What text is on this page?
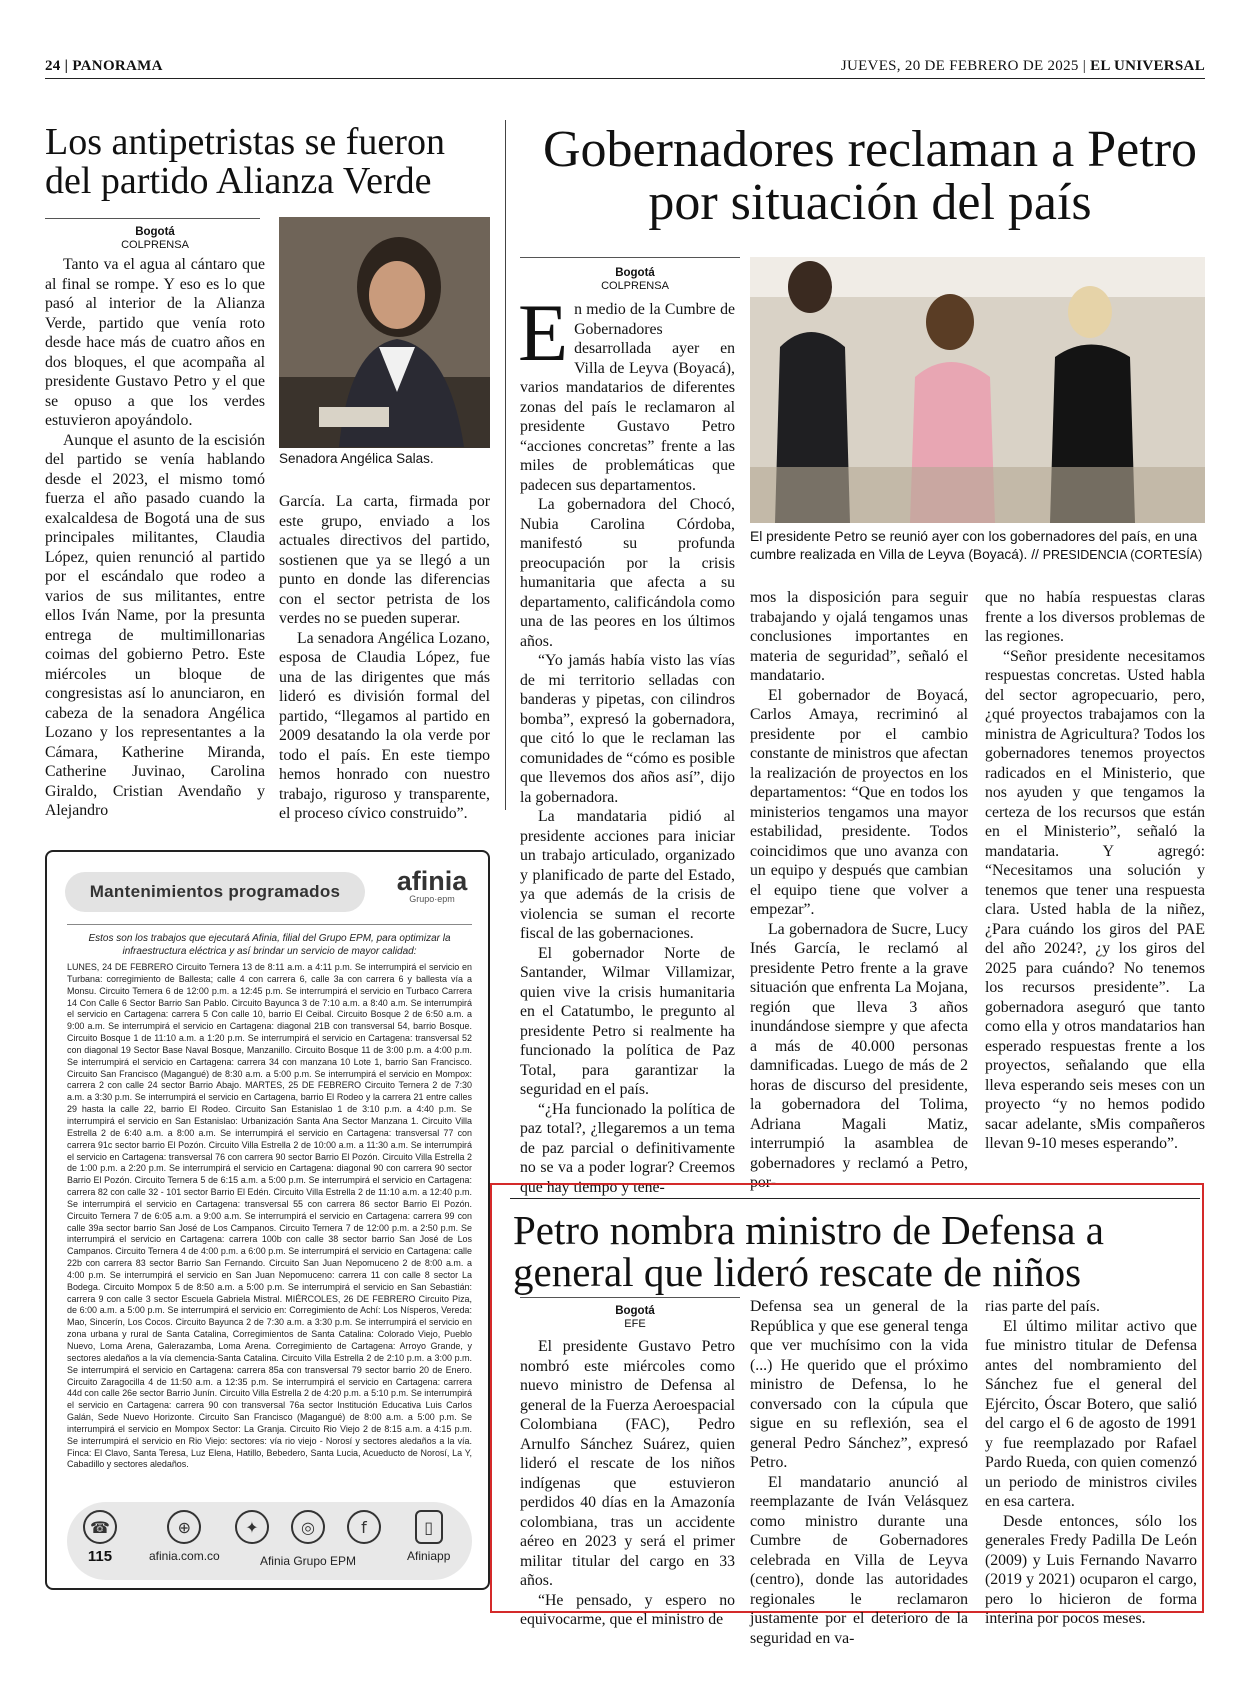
24 | PANORAMA	JUEVES, 20 DE FEBRERO DE 2025 | EL UNIVERSAL
Los antipetristas se fueron del partido Alianza Verde
Bogotá
COLPRENSA
Senadora Angélica Salas.

Tanto va el agua al cántaro que al final se rompe. Y eso es lo que pasó al interior de la Alianza Verde, partido que venía roto desde hace más de cuatro años en dos bloques, el que acompaña al presidente Gustavo Petro y el que se opuso a que los verdes estuvieron apoyándolo.

Aunque el asunto de la escisión del partido se venía hablando desde el 2023, el mismo tomó fuerza el año pasado cuando la exalcaldesa de Bogotá una de sus principales militantes, Claudia López, quien renunció al partido por el escándalo que rodeo a varios de sus militantes, entre ellos Iván Name, por la presunta entrega de multimillonarias coimas del gobierno Petro. Este miércoles un bloque de congresistas así lo anunciaron, en cabeza de la senadora Angélica Lozano y los representantes a la Cámara, Katherine Miranda, Catherine Juvinao, Carolina Giraldo, Cristian Avendaño y Alejandro

García. La carta, firmada por este grupo, enviado a los actuales directivos del partido, sostienen que ya se llegó a un punto en donde las diferencias con el sector petrista de los verdes no se pueden superar.

La senadora Angélica Lozano, esposa de Claudia López, fue una de las dirigentes que más lideró es división formal del partido, “llegamos al partido en 2009 desatando la ola verde por todo el país. En este tiempo hemos honrado con nuestro trabajo, riguroso y transparente, el proceso cívico construido”.

Gobernadores reclaman a Petro por situación del país
Bogotá
COLPRENSA
El presidente Petro se reunió ayer con los gobernadores del país, en una cumbre realizada en Villa de Leyva (Boyacá). // PRESIDENCIA (CORTESÍA)

En medio de la Cumbre de Gobernadores desarrollada ayer en Villa de Leyva (Boyacá), varios mandatarios de diferentes zonas del país le reclamaron al presidente Gustavo Petro “acciones concretas” frente a las miles de problemáticas que padecen sus departamentos.

La gobernadora del Chocó, Nubia Carolina Córdoba, manifestó su profunda preocupación por la crisis humanitaria que afecta a su departamento, calificándola como una de las peores en los últimos años.

“Yo jamás había visto las vías de mi territorio selladas con banderas y pipetas, con cilindros bomba”, expresó la gobernadora, que citó lo que le reclaman las comunidades de “cómo es posible que llevemos dos años así”, dijo la gobernadora.

La mandataria pidió al presidente acciones para iniciar un trabajo articulado, organizado y planificado de parte del Estado, ya que además de la crisis de violencia se suman el recorte fiscal de las gobernaciones.

El gobernador Norte de Santander, Wilmar Villamizar, quien vive la crisis humanitaria en el Catatumbo, le pregunto al presidente Petro si realmente ha funcionado la política de Paz Total, para garantizar la seguridad en el país.

“¿Ha funcionado la política de paz total?, ¿llegaremos a un tema de paz parcial o definitivamente no se va a poder lograr? Creemos que hay tiempo y tene-

mos la disposición para seguir trabajando y ojalá tengamos unas conclusiones importantes en materia de seguridad”, señaló el mandatario.

El gobernador de Boyacá, Carlos Amaya, recriminó al presidente por el cambio constante de ministros que afectan la realización de proyectos en los departamentos: “Que en todos los ministerios tengamos una mayor estabilidad, presidente. Todos coincidimos que uno avanza con un equipo y después que cambian el equipo tiene que volver a empezar”.

La gobernadora de Sucre, Lucy Inés García, le reclamó al presidente Petro frente a la grave situación que enfrenta La Mojana, región que lleva 3 años inundándose siempre y que afecta a más de 40.000 personas damnificadas. Luego de más de 2 horas de discurso del presidente, la gobernadora del Tolima, Adriana Magali Matiz, interrumpió la asamblea de gobernadores y reclamó a Petro, por-

que no había respuestas claras frente a los diversos problemas de las regiones.

“Señor presidente necesitamos respuestas concretas. Usted habla del sector agropecuario, pero, ¿qué proyectos trabajamos con la ministra de Agricultura? Todos los gobernadores tenemos proyectos radicados en el Ministerio, que nos ayuden y que tengamos la certeza de los recursos que están en el Ministerio”, señaló la mandataria. Y agregó: “Necesitamos una solución y tenemos que tener una respuesta clara. Usted habla de la niñez, ¿Para cuándo los giros del PAE del año 2024?, ¿y los giros del 2025 para cuándo? No tenemos los recursos presidente”. La gobernadora aseguró que tanto como ella y otros mandatarios han esperado respuestas frente a los proyectos, señalando que ella lleva esperando seis meses con un proyecto “y no hemos podido sacar adelante, sMis compañeros llevan 9-10 meses esperando”.

Mantenimientos programados	afinia
Grupo·epm
Estos son los trabajos que ejecutará Afinia, filial del Grupo EPM, para optimizar la infraestructura eléctrica y así brindar un servicio de mayor calidad:
LUNES, 24 DE FEBRERO Circuito Ternera 13 de 8:11 a.m. a 4:11 p.m. Se interrumpirá el servicio en Turbana: corregimiento de Ballesta; calle 4 con carrera 6, calle 3a con carrera 6 y ballesta vía a Monsu. Circuito Ternera 6 de 12:00 p.m. a 12:45 p.m. Se interrumpirá el servicio en Turbaco Carrera 14 Con Calle 6 Sector Barrio San Pablo. Circuito Bayunca 3 de 7:10 a.m. a 8:40 a.m. Se interrumpirá el servicio en Cartagena: carrera 5 Con calle 10, barrio El Ceibal. Circuito Bosque 2 de 6:50 a.m. a 9:00 a.m. Se interrumpirá el servicio en Cartagena: diagonal 21B con transversal 54, barrio Bosque. Circuito Bosque 1 de 11:10 a.m. a 1:20 p.m. Se interrumpirá el servicio en Cartagena: transversal 52 con diagonal 19 Sector Base Naval Bosque, Manzanillo. Circuito Bosque 11 de 3:00 p.m. a 4:00 p.m. Se interrumpirá el servicio en Cartagena: carrera 34 con manzana 10 Lote 1, barrio San Francisco. Circuito San Francisco (Magangué) de 8:30 a.m. a 5:00 p.m. Se interrumpirá el servicio en Mompox: carrera 2 con calle 24 sector Barrio Abajo. MARTES, 25 DE FEBRERO Circuito Ternera 2 de 7:30 a.m. a 3:30 p.m. Se interrumpirá el servicio en Cartagena, barrio El Rodeo y la carrera 21 entre calles 29 hasta la calle 22, barrio El Rodeo. Circuito San Estanislao 1 de 3:10 p.m. a 4:40 p.m. Se interrumpirá el servicio en San Estanislao: Urbanización Santa Ana Sector Manzana 1. Circuito Villa Estrella 2 de 6:40 a.m. a 8:00 a.m. Se interrumpirá el servicio en Cartagena: transversal 77 con carrera 91c sector barrio El Pozón. Circuito Villa Estrella 2 de 10:00 a.m. a 11:30 a.m. Se interrumpirá el servicio en Cartagena: transversal 76 con carrera 90 sector Barrio El Pozón. Circuito Villa Estrella 2 de 1:00 p.m. a 2:20 p.m. Se interrumpirá el servicio en Cartagena: diagonal 90 con carrera 90 sector Barrio El Pozón. Circuito Ternera 5 de 6:15 a.m. a 5:00 p.m. Se interrumpirá el servicio en Cartagena: carrera 82 con calle 32 - 101 sector Barrio El Edén. Circuito Villa Estrella 2 de 11:10 a.m. a 12:40 p.m. Se interrumpirá el servicio en Cartagena: transversal 55 con carrera 86 sector Barrio El Pozón. Circuito Ternera 7 de 6:05 a.m. a 9:00 a.m. Se interrumpirá el servicio en Cartagena: carrera 99 con calle 39a sector barrio San José de Los Campanos. Circuito Ternera 7 de 12:00 p.m. a 2:50 p.m. Se interrumpirá el servicio en Cartagena: carrera 100b con calle 38 sector barrio San José de Los Campanos. Circuito Ternera 4 de 4:00 p.m. a 6:00 p.m. Se interrumpirá el servicio en Cartagena: calle 22b con carrera 83 sector Barrio San Fernando. Circuito San Juan Nepomuceno 2 de 8:00 a.m. a 4:00 p.m. Se interrumpirá el servicio en San Juan Nepomuceno: carrera 11 con calle 8 sector La Bodega. Circuito Mompox 5 de 8:50 a.m. a 5:00 p.m. Se interrumpirá el servicio en San Sebastián: carrera 9 con calle 3 sector Escuela Gabriela Mistral. MIÉRCOLES, 26 DE FEBRERO Circuito Piza, de 6:00 a.m. a 5:00 p.m. Se interrumpirá el servicio en: Corregimiento de Achí: Los Nísperos, Vereda: Mao, Sincerín, Los Cocos. Circuito Bayunca 2 de 7:30 a.m. a 3:30 p.m. Se interrumpirá el servicio en zona urbana y rural de Santa Catalina, Corregimientos de Santa Catalina: Colorado Viejo, Pueblo Nuevo, Loma Arena, Galerazamba, Loma Arena. Corregimiento de Cartagena: Arroyo Grande, y sectores aledaños a la vía clemencia-Santa Catalina. Circuito Villa Estrella 2 de 2:10 p.m. a 3:00 p.m. Se interrumpirá el servicio en Cartagena: carrera 85a con transversal 79 sector barrio 20 de Enero. Circuito Zaragocilla 4 de 11:50 a.m. a 12:35 p.m. Se interrumpirá el servicio en Cartagena: carrera 44d con calle 26e sector Barrio Junín. Circuito Villa Estrella 2 de 4:20 p.m. a 5:10 p.m. Se interrumpirá el servicio en Cartagena: carrera 90 con transversal 76a sector Institución Educativa Luis Carlos Galán, Sede Nuevo Horizonte. Circuito San Francisco (Magangué) de 8:00 a.m. a 5:00 p.m. Se interrumpirá el servicio en Mompox Sector: La Granja. Circuito Rio Viejo 2 de 8:15 a.m. a 4:15 p.m. Se interrumpirá el servicio en Rio Viejo: sectores: vía rio viejo - Norosí y sectores aledaños a la vía. Finca: El Clavo, Santa Teresa, Luz Elena, Hatillo, Bebedero, Santa Lucia, Acueducto de Norosí, La Y, Cabadillo y sectores aledaños.
☎
115
⊕
afinia.com.co
✦	◎	f
Afinia Grupo EPM
▯
Afiniapp
Petro nombra ministro de Defensa a general que lideró rescate de niños
Bogotá
EFE

El presidente Gustavo Petro nombró este miércoles como nuevo ministro de Defensa al general de la Fuerza Aeroespacial Colombiana (FAC), Pedro Arnulfo Sánchez Suárez, quien lideró el rescate de los niños indígenas que estuvieron perdidos 40 días en la Amazonía colombiana, tras un accidente aéreo en 2023 y será el primer militar titular del cargo en 33 años.

“He pensado, y espero no equivocarme, que el ministro de

Defensa sea un general de la República y que ese general tenga que ver muchísimo con la vida (...) He querido que el próximo ministro de Defensa, lo he conversado con la cúpula que sigue en su reflexión, sea el general Pedro Sánchez”, expresó Petro.

El mandatario anunció al reemplazante de Iván Velásquez como ministro durante una Cumbre de Gobernadores celebrada en Villa de Leyva (centro), donde las autoridades regionales le reclamaron justamente por el deterioro de la seguridad en va-

rias parte del país.

El último militar activo que fue ministro titular de Defensa antes del nombramiento del Sánchez fue el general del Ejército, Óscar Botero, que salió del cargo el 6 de agosto de 1991 y fue reemplazado por Rafael Pardo Rueda, con quien comenzó un periodo de ministros civiles en esa cartera.

Desde entonces, sólo los generales Fredy Padilla De León (2009) y Luis Fernando Navarro (2019 y 2021) ocuparon el cargo, pero lo hicieron de forma interina por pocos meses.
